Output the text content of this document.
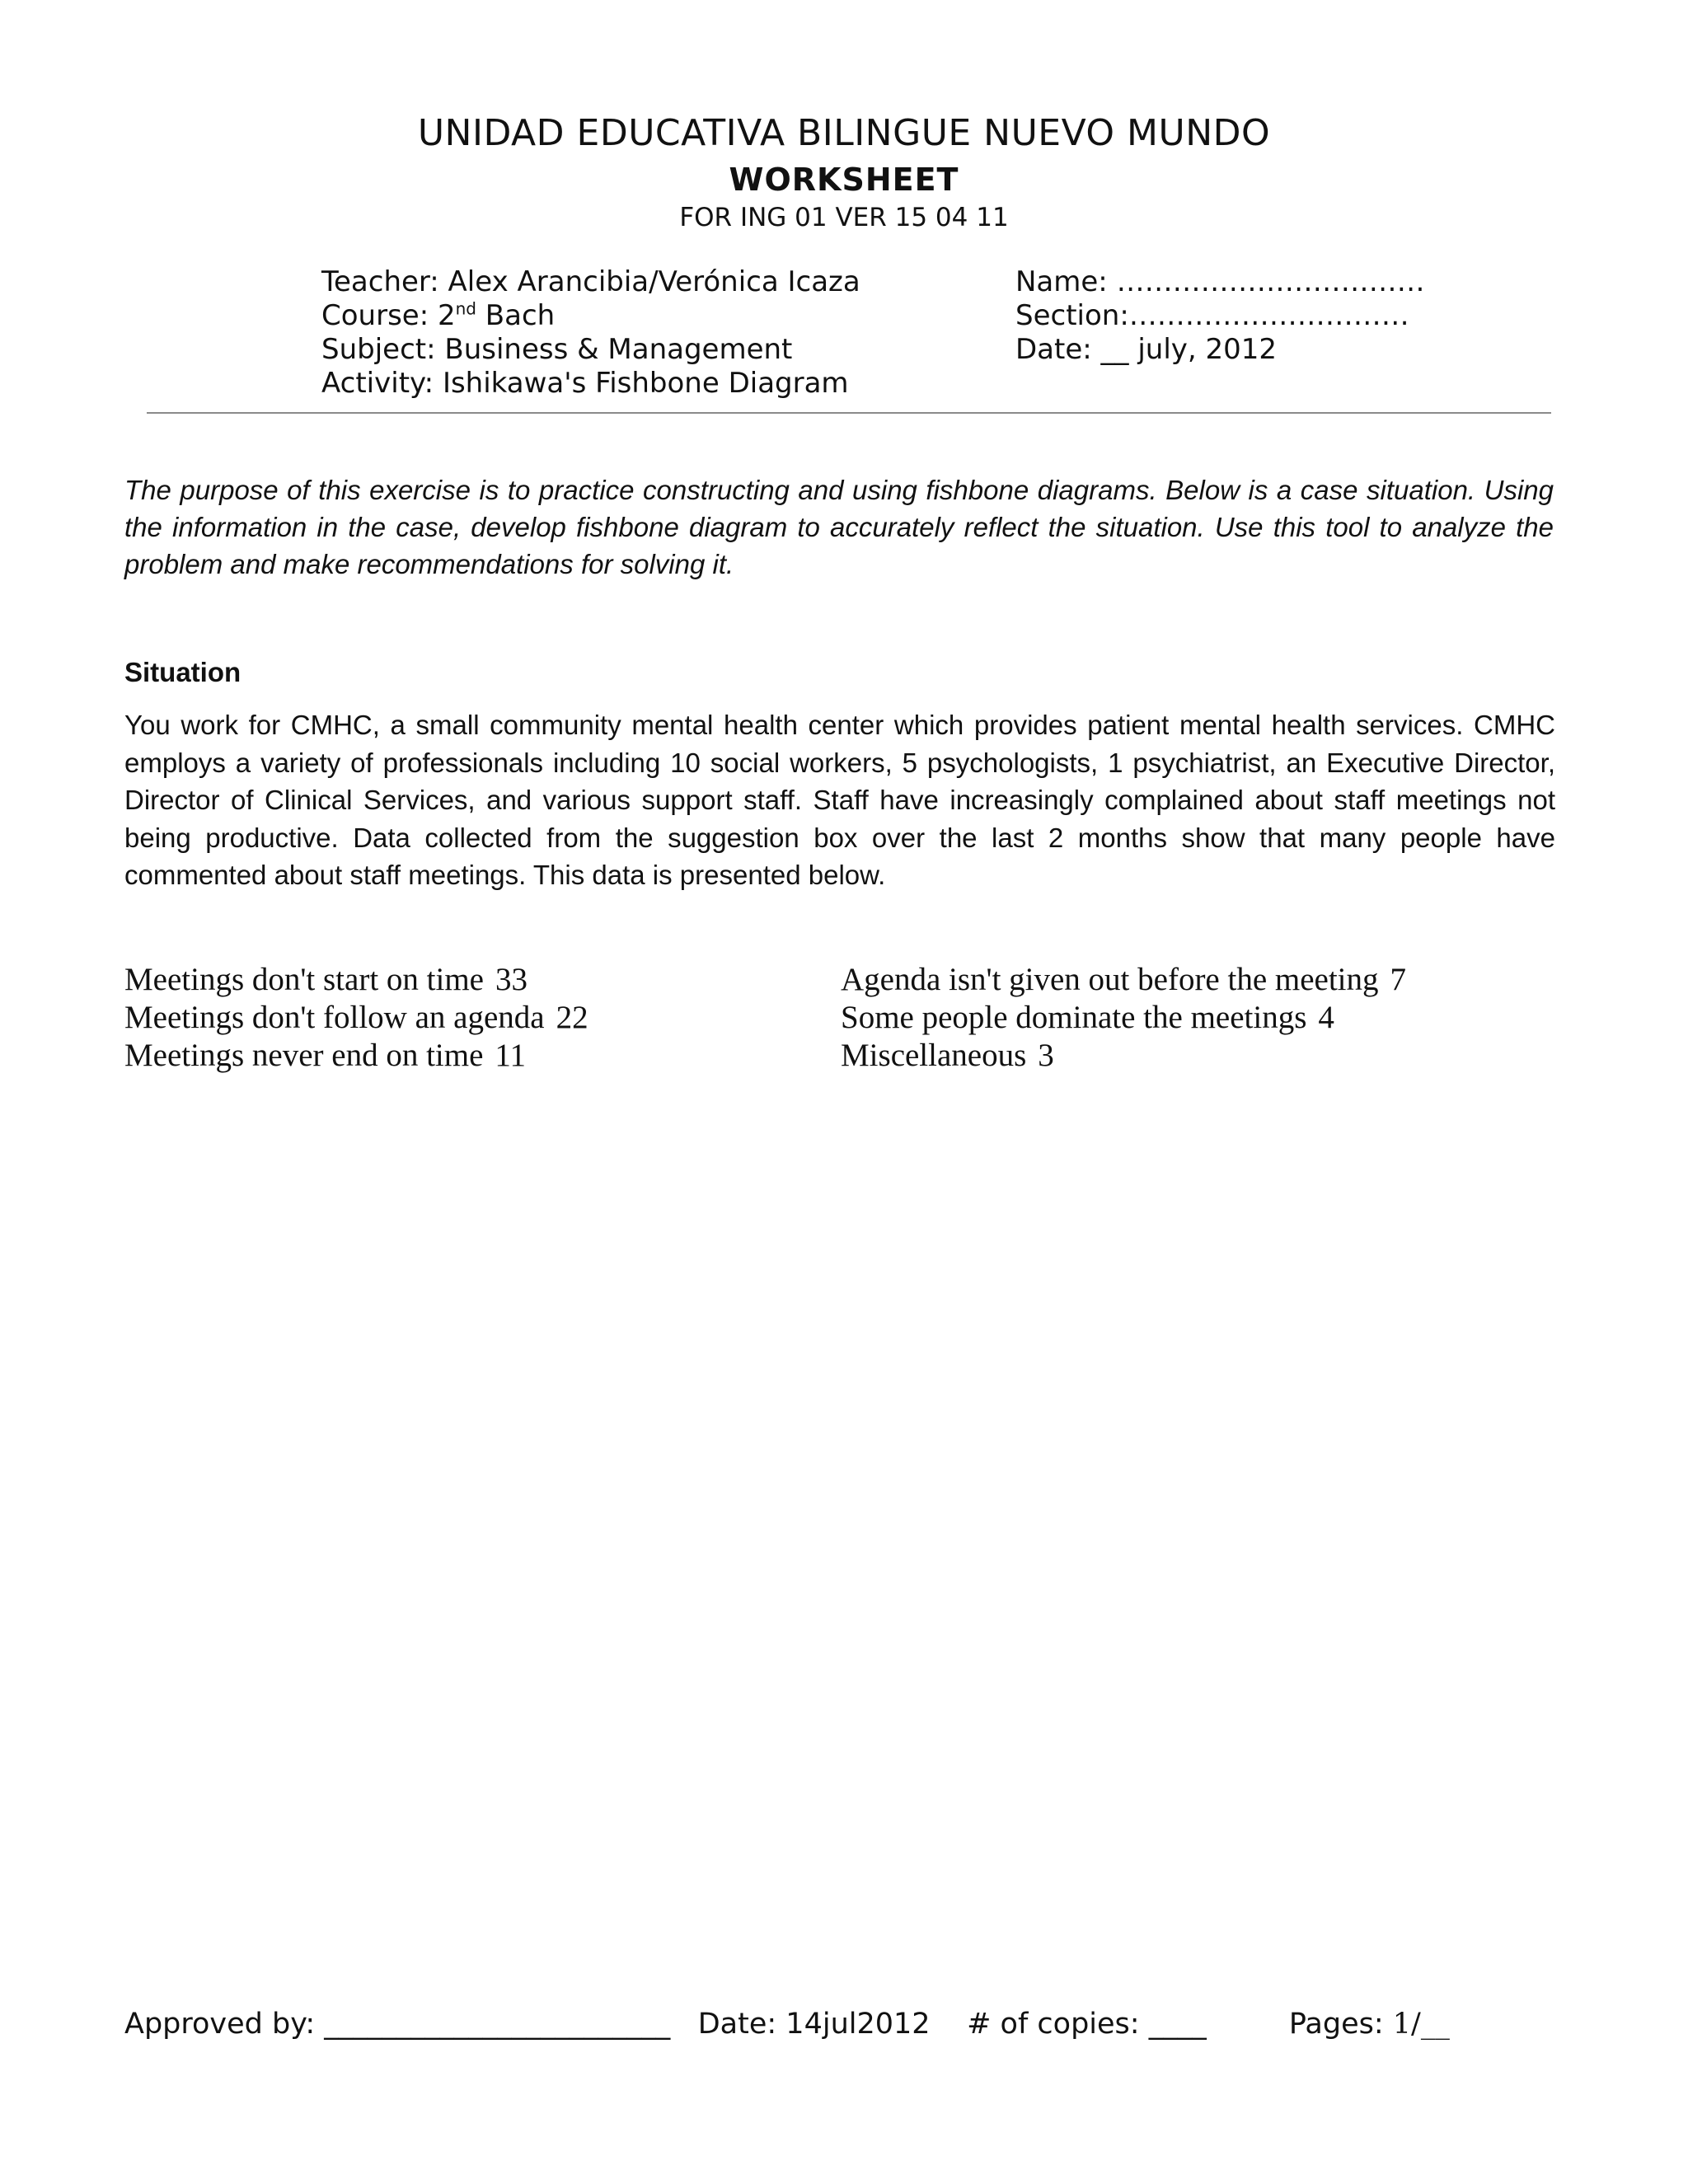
UNIDAD EDUCATIVA BILINGUE NUEVO MUNDO
WORKSHEET
FOR ING 01 VER 15 04 11
Teacher: Alex Arancibia/Verónica Icaza
Course: 2nd Bach
Subject: Business & Management
Activity: Ishikawa's Fishbone Diagram
Name: ……………………………
Section:…………………………
Date: __ july, 2012
The purpose of this exercise is to practice constructing and using fishbone diagrams. Below is a case situation. Using the information in the case, develop fishbone diagram to accurately reflect the situation. Use this tool to analyze the problem and make recommendations for solving it.
Situation
You work for CMHC, a small community mental health center which provides patient mental health services. CMHC employs a variety of professionals including 10 social workers, 5 psychologists, 1 psychiatrist, an Executive Director, Director of Clinical Services, and various support staff. Staff have increasingly complained about staff meetings not being productive. Data collected from the suggestion box over the last 2 months show that many people have commented about staff meetings. This data is presented below.
Meetings don't start on time 33
Meetings don't follow an agenda 22
Meetings never end on time 11
Agenda isn't given out before the meeting 7
Some people dominate the meetings 4
Miscellaneous 3
Approved by: ________________________ Date: 14jul2012 # of copies: ____	Pages: 1/__
